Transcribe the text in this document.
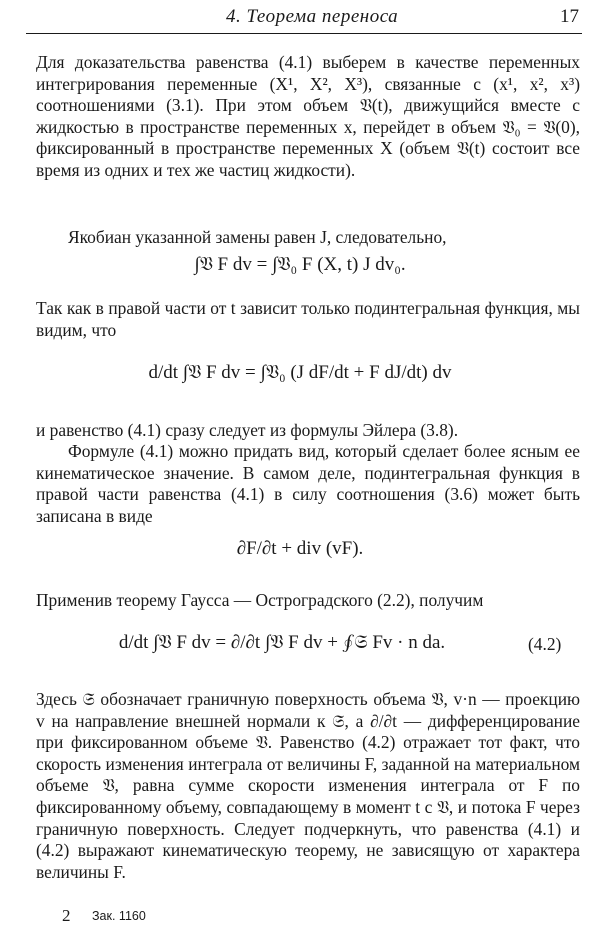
4. Теорема переноса	17

Для доказательства равенства (4.1) выберем в качестве переменных интегрирования переменные (X¹, X², X³), связанные с (x¹, x², x³) соотношениями (3.1). При этом объем 𝔙(t), движущийся вместе с жидкостью в пространстве переменных x, перейдет в объем 𝔙₀ = 𝔙(0), фиксированный в пространстве переменных X (объем 𝔙(t) состоит все время из одних и тех же частиц жидкости).

Якобиан указанной замены равен J, следовательно,

∫𝔙 F dv = ∫𝔙₀ F (X, t) J dv₀.

Так как в правой части от t зависит только подинтегральная функция, мы видим, что

d/dt ∫𝔙 F dv = ∫𝔙₀ (J dF/dt + F dJ/dt) dv

и равенство (4.1) сразу следует из формулы Эйлера (3.8).

Формуле (4.1) можно придать вид, который сделает более ясным ее кинематическое значение. В самом деле, подинтегральная функция в правой части равенства (4.1) в силу соотношения (3.6) может быть записана в виде

∂F/∂t + div (vF).

Применив теорему Гаусса — Остроградского (2.2), получим

d/dt ∫𝔙 F dv = ∂/∂t ∫𝔙 F dv + ∮𝔖 Fv · n da.	(4.2)

Здесь 𝔖 обозначает граничную поверхность объема 𝔙, v·n — проекцию v на направление внешней нормали к 𝔖, а ∂/∂t — дифференцирование при фиксированном объеме 𝔙. Равенство (4.2) отражает тот факт, что скорость изменения интеграла от величины F, заданной на материальном объеме 𝔙, равна сумме скорости изменения интеграла от F по фиксированному объему, совпадающему в момент t с 𝔙, и потока F через граничную поверхность. Следует подчеркнуть, что равенства (4.1) и (4.2) выражают кинематическую теорему, не зависящую от характера величины F.

2 Зак. 1160
